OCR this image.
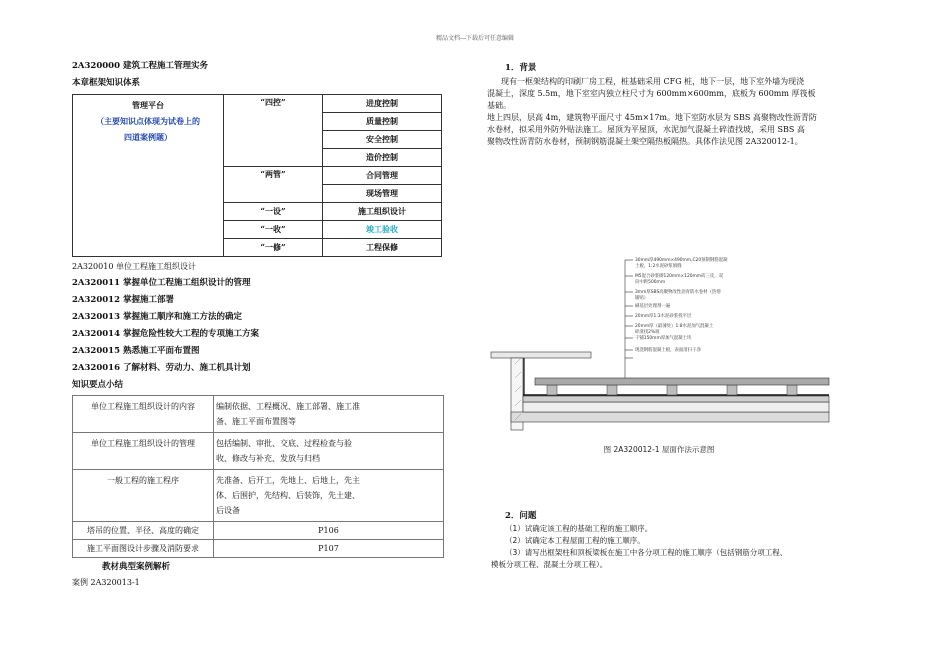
精品文档---下载后可任意编辑
2A320000 建筑工程施工管理实务
本章框架知识体系
管理平台
（主要知识点体现为试卷上的
四道案例题）	“四控”	进度控制
		质量控制
		安全控制
		造价控制
	“两管”	合同管理
		现场管理
	“一设”	施工组织设计
	“一收”	竣工验收
	“一修”	工程保修
2A320010 单位工程施工组织设计
2A320011 掌握单位工程施工组织设计的管理
2A320012 掌握施工部署
2A320013 掌握施工顺序和施工方法的确定
2A320014 掌握危险性较大工程的专项施工方案
2A320015 熟悉施工平面布置图
2A320016 了解材料、劳动力、施工机具计划
知识要点小结
单位工程施工组织设计的内容	编制依据、工程概况、施工部署、施工准
备、施工平面布置图等

单位工程施工组织设计的管理	包括编制、审批、交底、过程检查与验
收、修改与补充、发放与归档

一般工程的施工程序	先准备、后开工，先地上、后地上，先主
体、后围护，先结构、后装饰，先土建、
后设备

塔吊的位置、半径、高度的确定	P106
施工平面图设计步骤及消防要求	P107
教材典型案例解析
案例 2A320013-1
1．背景
现有一框架结构的印刷厂房工程，桩基础采用 CFG 桩，地下一层，地下室外墙为现浇
混凝土，深度 5.5m，地下室室内独立柱尺寸为 600mm×600mm，底板为 600mm 厚筏板基础。
地上四层，层高 4m，建筑物平面尺寸 45m×17m。地下室防水层为 SBS 高聚物改性沥青防
水卷材，拟采用外防外贴法施工。屋顶为平屋顶，水泥加气混凝土碎渣找坡，采用 SBS 高
聚物改性沥青防水卷材，预制钢筋混凝土架空隔热板隔热。具体作法见图 2A320012-1。
30mm厚490mm×490mm,C20预制钢筋混凝
土板，1:2水泥砂浆填缝
M5混合砂浆砌120mm×120mm砖三皮，双
向中距500mm
3mm厚SBS高聚物改性沥青防水卷材（热熔
铺贴）
刷基层处理剂一遍
20mm厚1:3水泥砂浆找平层
20mm厚（最薄处）1:8水泥加气混凝土
碎渣找2%坡
干铺150mm厚加气混凝土块
现浇钢筋混凝土板，表面清扫干净
图 2A320012-1 屋面作法示意图
2．问题
（1）试确定该工程的基础工程的施工顺序。
（2）试确定本工程屋面工程的施工顺序。
（3）请写出框架柱和顶板梁板在施工中各分项工程的施工顺序（包括钢筋分项工程、
模板分项工程、混凝土分项工程）。
